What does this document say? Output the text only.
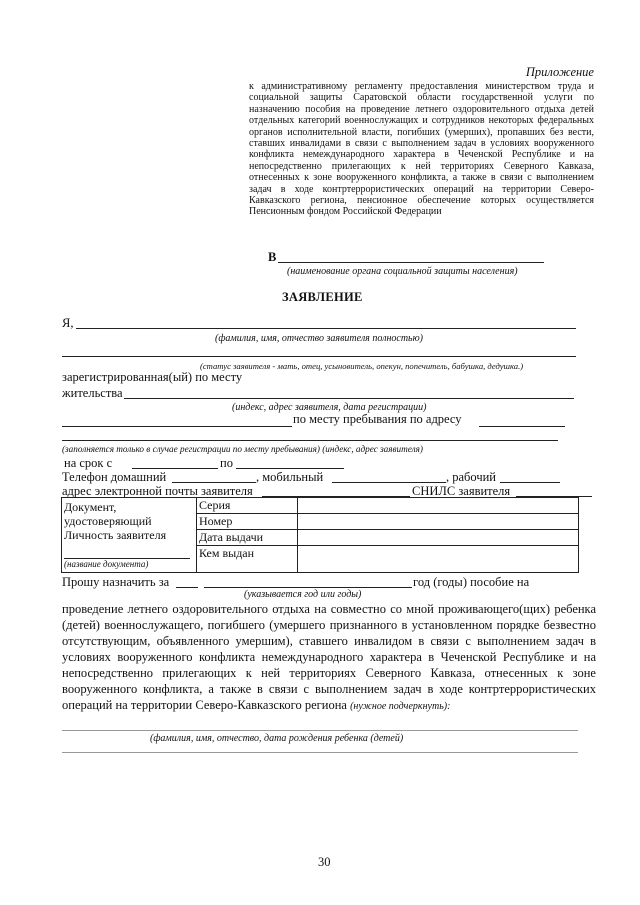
Приложение
к административному регламенту предоставления министерством труда и социальной защиты Саратовской области государственной услуги по назначению пособия на проведение летнего оздоровительного отдыха детей отдельных категорий военнослужащих и сотрудников некоторых федеральных органов исполнительной власти, погибших (умерших), пропавших без вести, ставших инвалидами в связи с выполнением задач в условиях вооруженного конфликта немеждународного характера в Чеченской Республике и на непосредственно прилегающих к ней территориях Северного Кавказа, отнесенных к зоне вооруженного конфликта, а также в связи с выполнением задач в ходе контртеррористических операций на территории Северо-Кавказского региона, пенсионное обеспечение которых осуществляется Пенсионным фондом Российской Федерации
В
(наименование органа социальной защиты населения)
ЗАЯВЛЕНИЕ
Я,
(фамилия, имя, отчество заявителя полностью)
(статус заявителя - мать, отец, усыновитель, опекун, попечитель, бабушка, дедушка.)
зарегистрированная(ый) по месту
жительства
(индекс, адрес заявителя, дата регистрации)
по месту пребывания по адресу
(заполняется только в случае регистрации по месту пребывания) (индекс, адрес заявителя)
на срок с	по
Телефон домашний	, мобильный	, рабочий
адрес электронной почты заявителя	СНИЛС заявителя
Документ,
удостоверяющий
Личность заявителя
(название документа)	Серия	
	Номер	
	Дата выдачи	
	Кем выдан	
Прошу назначить за	год (годы) пособие на
(указывается год или годы)
проведение летнего оздоровительного отдыха на совместно со мной проживающего(щих) ребенка (детей) военнослужащего, погибшего (умершего признанного в установленном порядке безвестно отсутствующим, объявленного умершим), ставшего инвалидом в связи с выполнением задач в условиях вооруженного конфликта немеждународного характера в Чеченской Республике и на непосредственно прилегающих к ней территориях Северного Кавказа, отнесенных к зоне вооруженного конфликта, а также в связи с выполнением задач в ходе контртеррористических операций на территории Северо-Кавказского региона (нужное подчеркнуть):
(фамилия, имя, отчество, дата рождения ребенка (детей)
30
